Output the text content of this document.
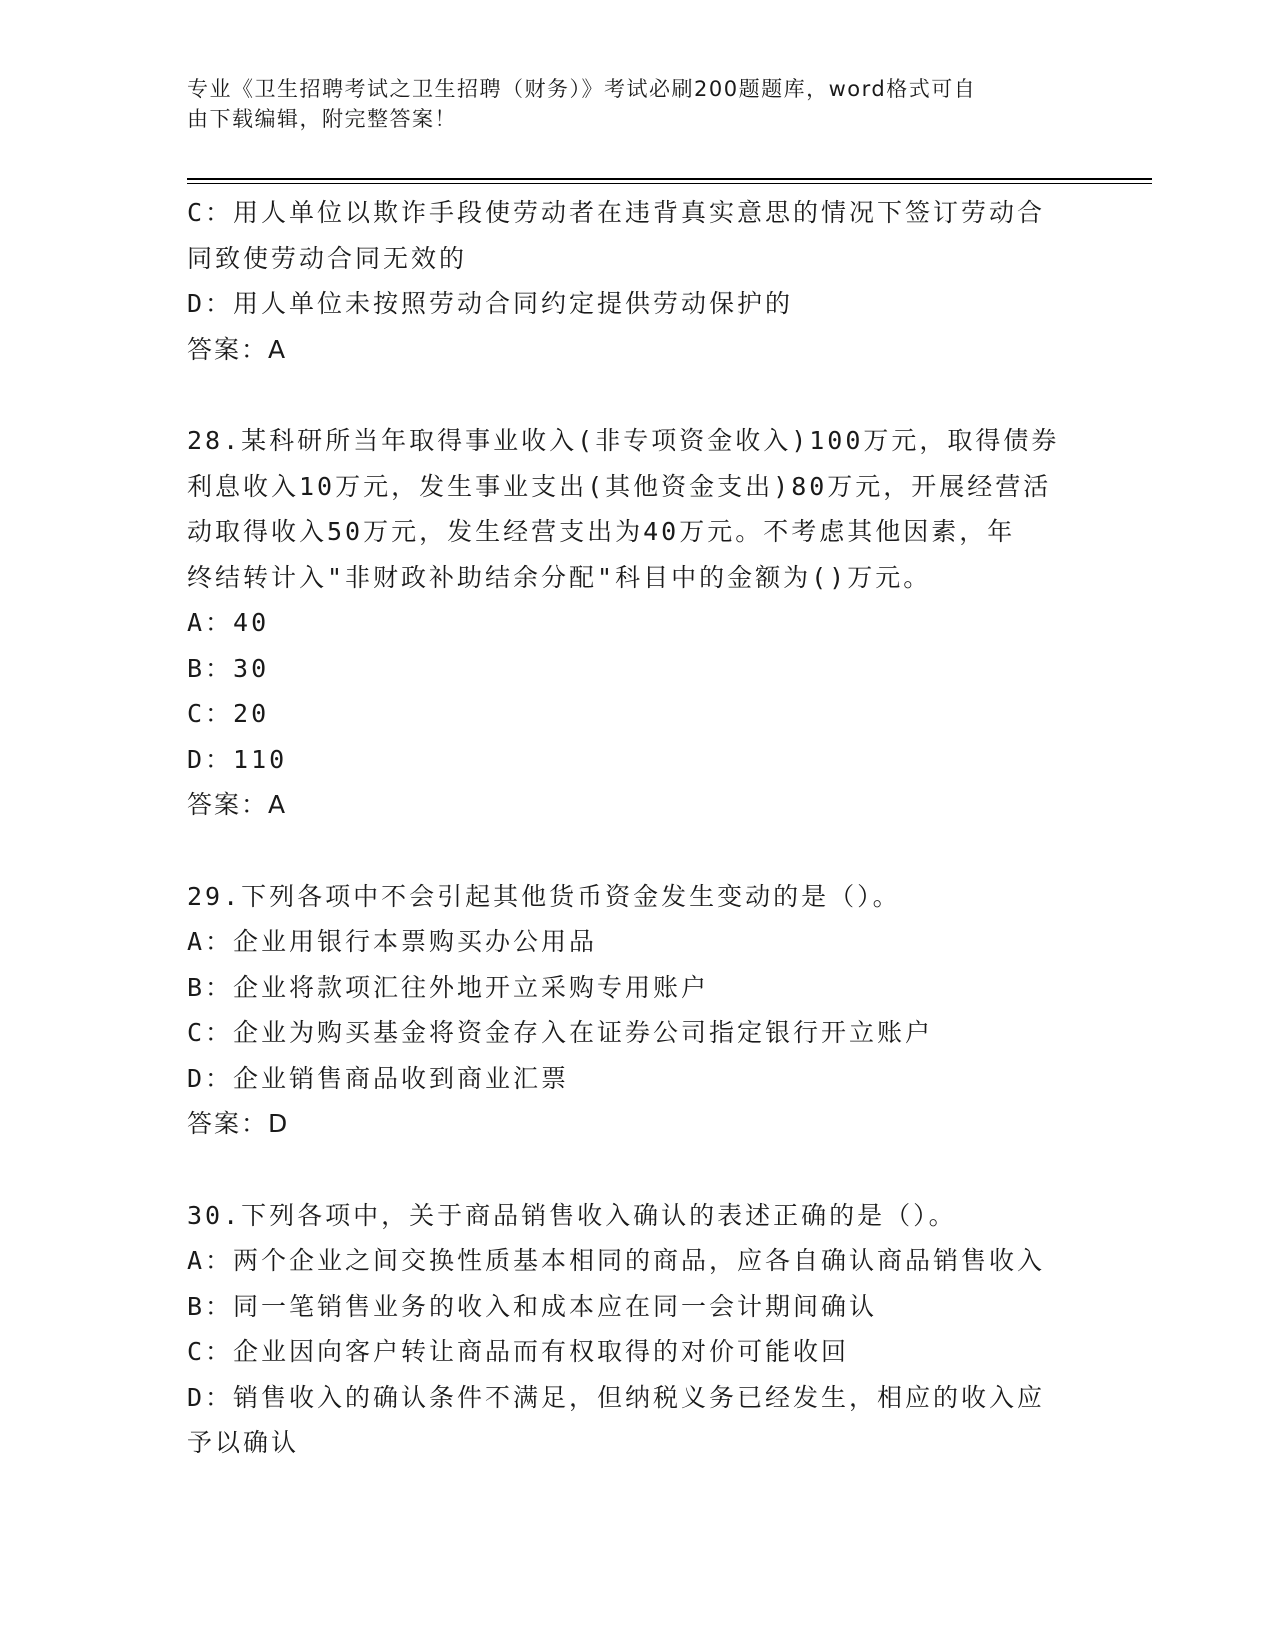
专业《卫生招聘考试之卫生招聘（财务）》考试必刷200题题库，word格式可自
由下载编辑，附完整答案！

C：用人单位以欺诈手段使劳动者在违背真实意思的情况下签订劳动合

同致使劳动合同无效的

D：用人单位未按照劳动合同约定提供劳动保护的

答案：A

28.某科研所当年取得事业收入(非专项资金收入)100万元，取得债券

利息收入10万元，发生事业支出(其他资金支出)80万元，开展经营活

动取得收入50万元，发生经营支出为40万元。不考虑其他因素，年

终结转计入"非财政补助结余分配"科目中的金额为()万元。

A：40

B：30

C：20

D：110

答案：A

29.下列各项中不会引起其他货币资金发生变动的是（）。

A：企业用银行本票购买办公用品

B：企业将款项汇往外地开立采购专用账户

C：企业为购买基金将资金存入在证券公司指定银行开立账户

D：企业销售商品收到商业汇票

答案：D

30.下列各项中，关于商品销售收入确认的表述正确的是（）。

A：两个企业之间交换性质基本相同的商品，应各自确认商品销售收入

B：同一笔销售业务的收入和成本应在同一会计期间确认

C：企业因向客户转让商品而有权取得的对价可能收回

D：销售收入的确认条件不满足，但纳税义务已经发生，相应的收入应

予以确认
